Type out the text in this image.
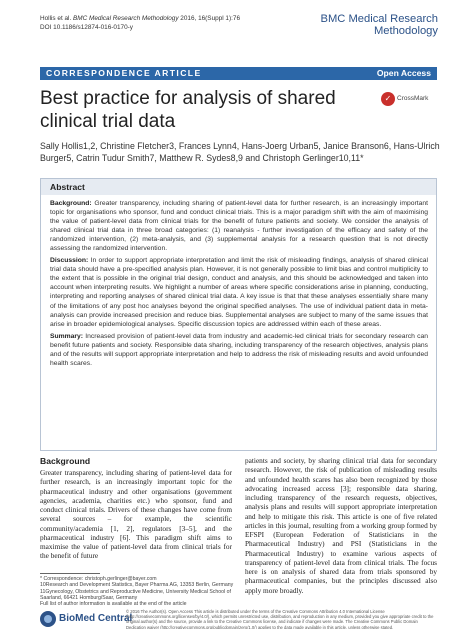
Hollis et al. BMC Medical Research Methodology 2016, 16(Suppl 1):76
DOI 10.1186/s12874-016-0170-y
BMC Medical Research
Methodology
CORRESPONDENCE ARTICLE	Open Access
Best practice for analysis of shared clinical trial data
✓ CrossMark
Sally Hollis1,2, Christine Fletcher3, Frances Lynn4, Hans-Joerg Urban5, Janice Branson6, Hans-Ulrich Burger5, Catrin Tudur Smith7, Matthew R. Sydes8,9 and Christoph Gerlinger10,11*
Abstract

Background: Greater transparency, including sharing of patient-level data for further research, is an increasingly important topic for organisations who sponsor, fund and conduct clinical trials. This is a major paradigm shift with the aim of maximising the value of patient-level data from clinical trials for the benefit of future patients and society. We consider the analysis of shared clinical trial data in three broad categories: (1) reanalysis - further investigation of the efficacy and safety of the randomized intervention, (2) meta-analysis, and (3) supplemental analysis for a research question that is not directly assessing the randomized intervention.

Discussion: In order to support appropriate interpretation and limit the risk of misleading findings, analysis of shared clinical trial data should have a pre-specified analysis plan. However, it is not generally possible to limit bias and control multiplicity to the extent that is possible in the original trial design, conduct and analysis, and this should be acknowledged and taken into account when interpreting results. We highlight a number of areas where specific considerations arise in planning, conducting, interpreting and reporting analyses of shared clinical trial data. A key issue is that that these analyses essentially share many of the limitations of any post hoc analyses beyond the original specified analyses. The use of individual patient data in meta-analysis can provide increased precision and reduce bias. Supplemental analyses are subject to many of the same issues that arise in broader epidemiological analyses. Specific discussion topics are addressed within each of these areas.

Summary: Increased provision of patient-level data from industry and academic-led clinical trials for secondary research can benefit future patients and society. Responsible data sharing, including transparency of the research objectives, analysis plans and of the results will support appropriate interpretation and help to address the risk of misleading results and avoid unfounded health scares.

Background
Greater transparency, including sharing of patient-level data for further research, is an increasingly important topic for the pharmaceutical industry and other organisations (government agencies, academia, charities etc.) who sponsor, fund and conduct clinical trials. Drivers of these changes have come from several sources – for example, the scientific community/academia [1, 2], regulators [3–5], and the pharmaceutical industry [6]. This paradigm shift aims to maximise the value of patient-level data from clinical trials for the benefit of future
patients and society, by sharing clinical trial data for secondary research. However, the risk of publication of misleading results and unfounded health scares has also been recognized by those advocating increased access [3]; responsible data sharing, including transparency of the research requests, objectives, analysis plans and results will support appropriate interpretation and help to mitigate this risk. This article is one of five related articles in this journal, resulting from a working group formed by EFSPI (European Federation of Statisticians in the Pharmaceutical Industry) and PSI (Statisticians in the Pharmaceutical Industry) to examine various aspects of transparency of patient-level data from clinical trials. The focus here is on analysis of shared data from trials sponsored by pharmaceutical companies, but the principles discussed also apply more broadly.
* Correspondence: christoph.gerlinger@bayer.com
10Research and Development Statistics, Bayer Pharma AG, 13353 Berlin, Germany
11Gynecology, Obstetrics and Reproductive Medicine, University Medical School of Saarland, 66421 Homburg/Saar, Germany
Full list of author information is available at the end of the article
BioMed Central
© 2016 The Author(s). Open Access This article is distributed under the terms of the Creative Commons Attribution 4.0 International License (http://creativecommons.org/licenses/by/4.0/), which permits unrestricted use, distribution, and reproduction in any medium, provided you give appropriate credit to the original author(s) and the source, provide a link to the Creative Commons license, and indicate if changes were made. The Creative Commons Public Domain Dedication waiver (http://creativecommons.org/publicdomain/zero/1.0/) applies to the data made available in this article, unless otherwise stated.
